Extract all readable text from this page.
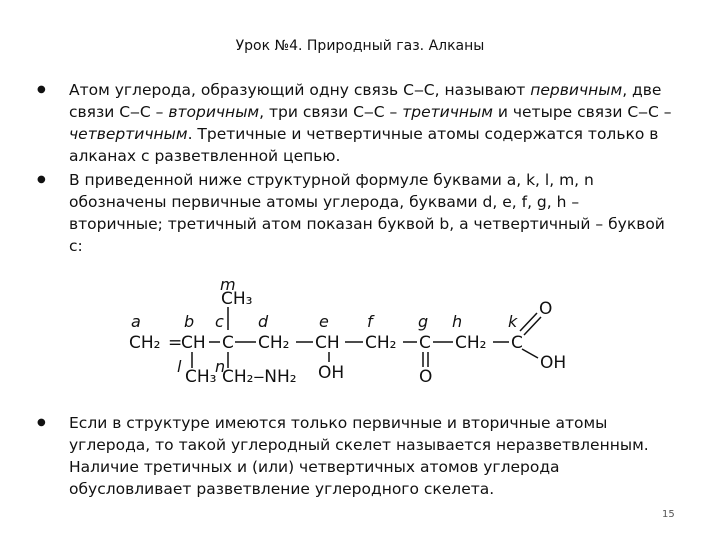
Урок №4. Природный газ. Алканы
● Атом углерода, образующий одну связь С‒С, называют первичным, две связи С‒С – вторичным, три связи С‒С – третичным и четыре связи С‒С – четвертичным. Третичные и четвертичные атомы содержатся только в алканах с разветвленной цепью.
● В приведенной ниже структурной формуле буквами a, k, l, m, n обозначены первичные атомы углерода, буквами d, e, f, g, h – вторичные; третичный атом показан буквой b, а четвертичный – буквой c:
a	b c d	e f	g h	k
m
l n
CH₂ =
CH C CH₂ CH CH₂ C CH₂ C
CH₃
CH₃ CH₂‒NH₂ OH	O
O
OH
● Если в структуре имеются только первичные и вторичные атомы углерода, то такой углеродный скелет называется неразветвленным. Наличие третичных и (или) четвертичных атомов углерода обусловливает разветвление углеродного скелета.
15
